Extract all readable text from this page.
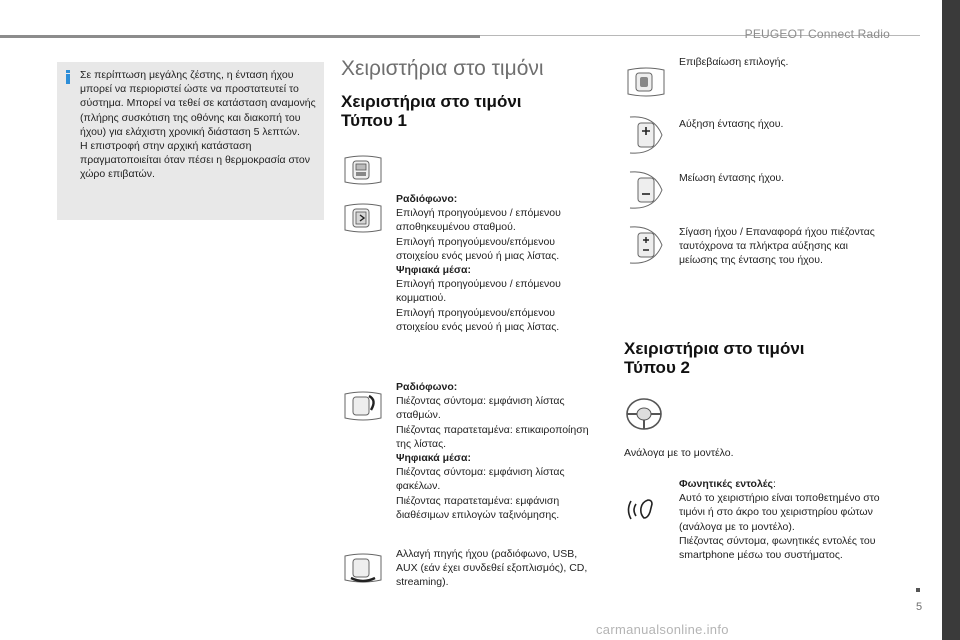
PEUGEOT Connect Radio
Σε περίπτωση μεγάλης ζέστης, η ένταση ήχου
μπορεί να περιοριστεί ώστε να προστατευτεί το
σύστημα. Μπορεί να τεθεί σε κατάσταση αναμονής
(πλήρης συσκότιση της οθόνης και διακοπή του
ήχου) για ελάχιστη χρονική διάσταση 5 λεπτών.
Η επιστροφή στην αρχική κατάσταση
πραγματοποιείται όταν πέσει η θερμοκρασία στον
χώρο επιβατών.
Χειριστήρια στο τιμόνι
Χειριστήρια στο τιμόνι
Τύπου 1
Ραδιόφωνο:
Επιλογή προηγούμενου / επόμενου
αποθηκευμένου σταθμού.
Επιλογή προηγούμενου/επόμενου
στοιχείου ενός μενού ή μιας λίστας.
Ψηφιακά μέσα:
Επιλογή προηγούμενου / επόμενου
κομματιού.
Επιλογή προηγούμενου/επόμενου
στοιχείου ενός μενού ή μιας λίστας.
Ραδιόφωνο:
Πιέζοντας σύντομα: εμφάνιση λίστας
σταθμών.
Πιέζοντας παρατεταμένα: επικαιροποίηση
της λίστας.
Ψηφιακά μέσα:
Πιέζοντας σύντομα: εμφάνιση λίστας
φακέλων.
Πιέζοντας παρατεταμένα: εμφάνιση
διαθέσιμων επιλογών ταξινόμησης.
Αλλαγή πηγής ήχου (ραδιόφωνο, USB,
AUX (εάν έχει συνδεθεί εξοπλισμός), CD,
streaming).
Επιβεβαίωση επιλογής.
Αύξηση έντασης ήχου.
Μείωση έντασης ήχου.
Σίγαση ήχου / Επαναφορά ήχου πιέζοντας
ταυτόχρονα τα πλήκτρα αύξησης και
μείωσης της έντασης του ήχου.
Χειριστήρια στο τιμόνι
Τύπου 2
Ανάλογα με το μοντέλο.
Φωνητικές εντολές:
Αυτό το χειριστήριο είναι τοποθετημένο στο
τιμόνι ή στο άκρο του χειριστηρίου φώτων
(ανάλογα με το μοντέλο).
Πιέζοντας σύντομα, φωνητικές εντολές του
smartphone μέσω του συστήματος.
5
carmanualsonline.info
